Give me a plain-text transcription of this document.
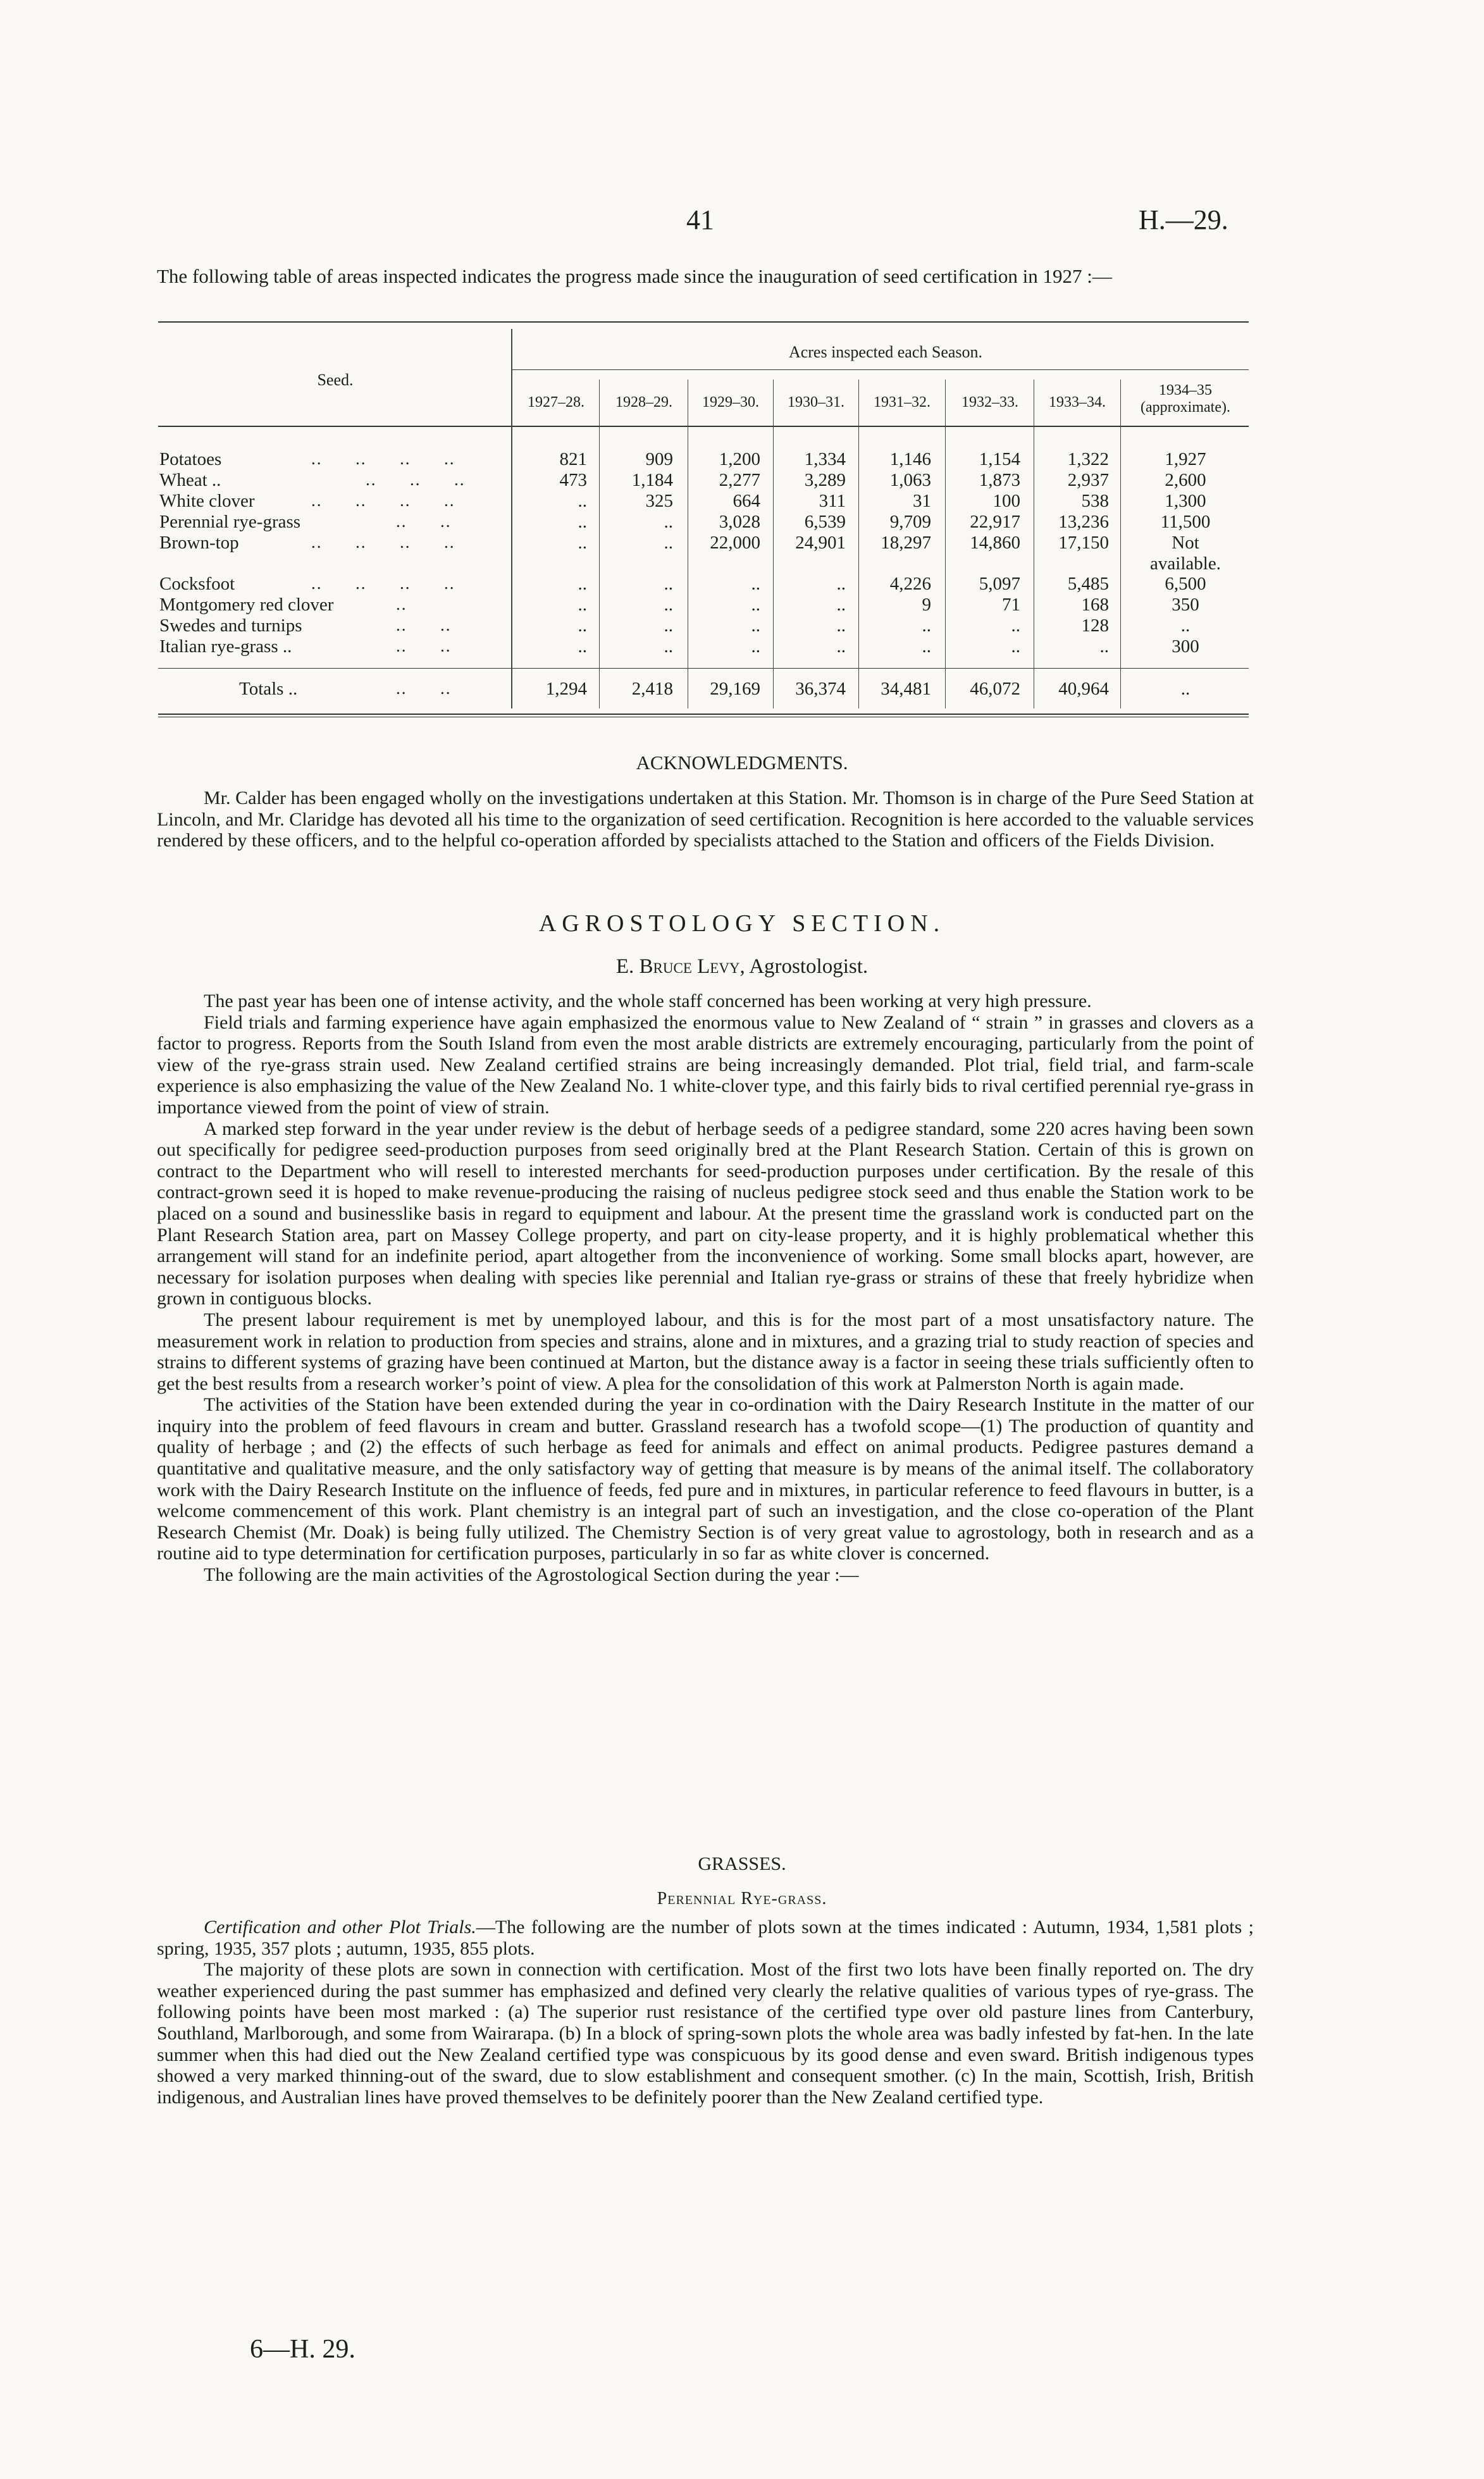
41	H.—29.
The following table of areas inspected indicates the progress made since the inauguration of seed certification in 1927 :—
Seed.
Acres inspected each Season.
1927–28.	1928–29.	1929–30.	1930–31.	1931–32.	1932–33.	1933–34.
1934–35
(approximate).
Potatoes	..      ..      ..      ..	821	909	1,200	1,334	1,146	1,154	1,322	1,927
Wheat ..	..      ..      ..	473	1,184	2,277	3,289	1,063	1,873	2,937	2,600
White clover	..      ..      ..      ..	..	325	664	311	31	100	538	1,300
Perennial rye-grass	..      ..	..	..	3,028	6,539	9,709	22,917	13,236	11,500
Brown-top	..      ..      ..      ..	..	..	22,000	24,901	18,297	14,860	17,150	Not
available.
Cocksfoot	..      ..      ..      ..	..	..	..	..	4,226	5,097	5,485	6,500
Montgomery red clover	..	..	..	..	..	9	71	168	350
Swedes and turnips	..      ..	..	..	..	..	..	..	128	..
Italian rye-grass ..	..      ..	..	..	..	..	..	..	..	300
Totals ..	..      ..	1,294	2,418	29,169	36,374	34,481	46,072	40,964	..
ACKNOWLEDGMENTS.

Mr. Calder has been engaged wholly on the investigations undertaken at this Station. Mr. Thomson is in charge of the Pure Seed Station at Lincoln, and Mr. Claridge has devoted all his time to the organization of seed certification. Recognition is here accorded to the valuable services rendered by these officers, and to the helpful co-operation afforded by specialists attached to the Station and officers of the Fields Division.

AGROSTOLOGY SECTION.
E. Bruce Levy, Agrostologist.

The past year has been one of intense activity, and the whole staff concerned has been working at very high pressure.

Field trials and farming experience have again emphasized the enormous value to New Zealand of “ strain ” in grasses and clovers as a factor to progress. Reports from the South Island from even the most arable districts are extremely encouraging, particularly from the point of view of the rye-grass strain used. New Zealand certified strains are being increasingly demanded. Plot trial, field trial, and farm-scale experience is also emphasizing the value of the New Zealand No. 1 white-clover type, and this fairly bids to rival certified perennial rye-grass in importance viewed from the point of view of strain.

A marked step forward in the year under review is the debut of herbage seeds of a pedigree standard, some 220 acres having been sown out specifically for pedigree seed-production purposes from seed originally bred at the Plant Research Station. Certain of this is grown on contract to the Department who will resell to interested merchants for seed-production purposes under certification. By the resale of this contract-grown seed it is hoped to make revenue-producing the raising of nucleus pedigree stock seed and thus enable the Station work to be placed on a sound and businesslike basis in regard to equipment and labour. At the present time the grassland work is conducted part on the Plant Research Station area, part on Massey College property, and part on city-lease property, and it is highly problematical whether this arrangement will stand for an indefinite period, apart altogether from the inconvenience of working. Some small blocks apart, however, are necessary for isolation purposes when dealing with species like perennial and Italian rye-grass or strains of these that freely hybridize when grown in contiguous blocks.

The present labour requirement is met by unemployed labour, and this is for the most part of a most unsatisfactory nature. The measurement work in relation to production from species and strains, alone and in mixtures, and a grazing trial to study reaction of species and strains to different systems of grazing have been continued at Marton, but the distance away is a factor in seeing these trials sufficiently often to get the best results from a research worker’s point of view. A plea for the consolidation of this work at Palmerston North is again made.

The activities of the Station have been extended during the year in co-ordination with the Dairy Research Institute in the matter of our inquiry into the problem of feed flavours in cream and butter. Grassland research has a twofold scope—(1) The production of quantity and quality of herbage ; and (2) the effects of such herbage as feed for animals and effect on animal products. Pedigree pastures demand a quantitative and qualitative measure, and the only satisfactory way of getting that measure is by means of the animal itself. The collaboratory work with the Dairy Research Institute on the influence of feeds, fed pure and in mixtures, in particular reference to feed flavours in butter, is a welcome commencement of this work. Plant chemistry is an integral part of such an investigation, and the close co-operation of the Plant Research Chemist (Mr. Doak) is being fully utilized. The Chemistry Section is of very great value to agrostology, both in research and as a routine aid to type determination for certification purposes, particularly in so far as white clover is concerned.

The following are the main activities of the Agrostological Section during the year :—

GRASSES.
Perennial Rye-grass.

Certification and other Plot Trials.—The following are the number of plots sown at the times indicated : Autumn, 1934, 1,581 plots ; spring, 1935, 357 plots ; autumn, 1935, 855 plots.

The majority of these plots are sown in connection with certification. Most of the first two lots have been finally reported on. The dry weather experienced during the past summer has emphasized and defined very clearly the relative qualities of various types of rye-grass. The following points have been most marked : (a) The superior rust resistance of the certified type over old pasture lines from Canterbury, Southland, Marlborough, and some from Wairarapa. (b) In a block of spring-sown plots the whole area was badly infested by fat-hen. In the late summer when this had died out the New Zealand certified type was conspicuous by its good dense and even sward. British indigenous types showed a very marked thinning-out of the sward, due to slow establishment and consequent smother. (c) In the main, Scottish, Irish, British indigenous, and Australian lines have proved themselves to be definitely poorer than the New Zealand certified type.

6—H. 29.
